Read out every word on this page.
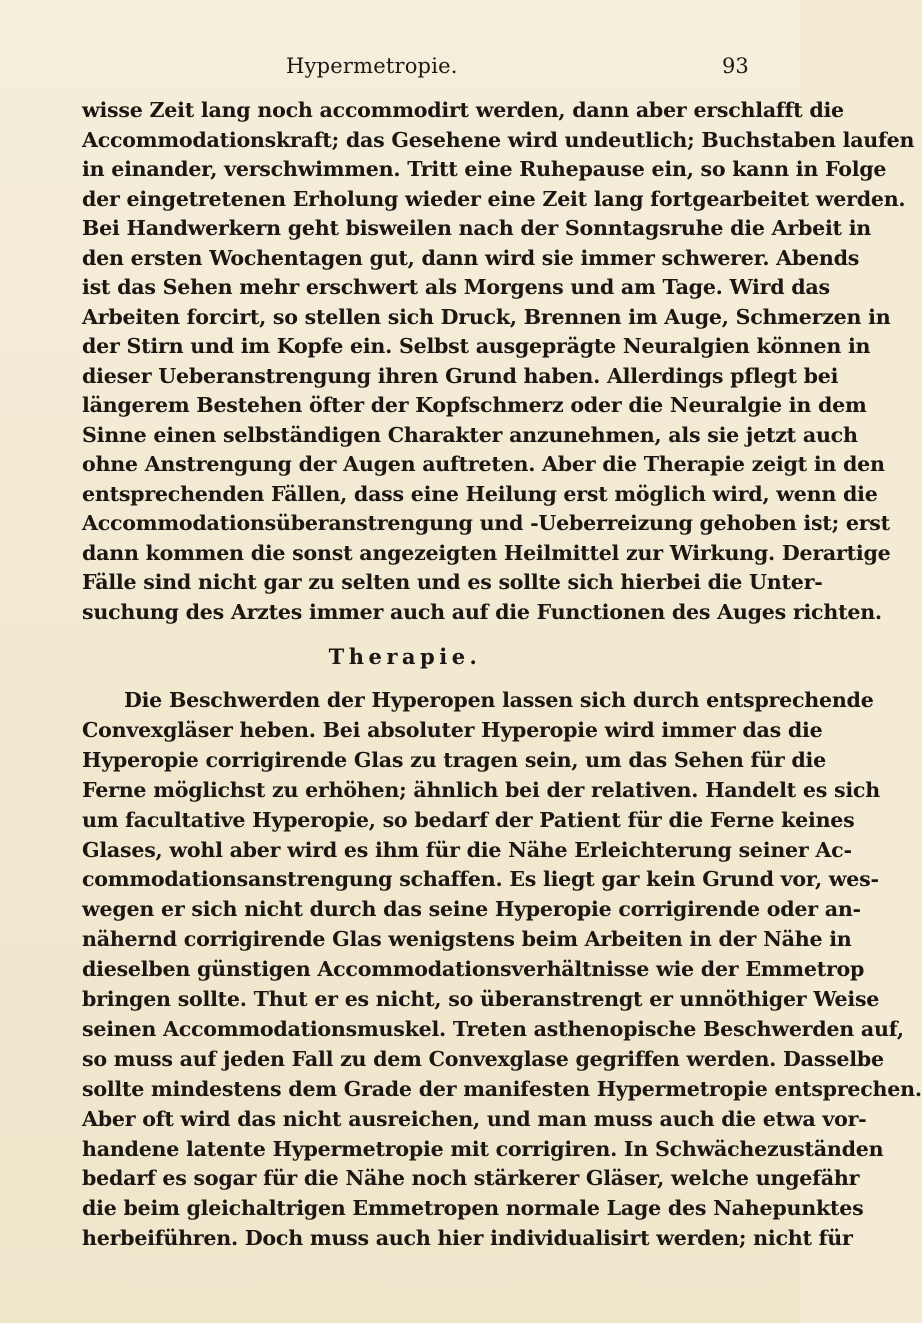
Hypermetropie.	93
wisse Zeit lang noch accommodirt werden, dann aber erschlafft die
Accommodationskraft; das Gesehene wird undeutlich; Buchstaben laufen
in einander, verschwimmen. Tritt eine Ruhepause ein, so kann in Folge
der eingetretenen Erholung wieder eine Zeit lang fortgearbeitet werden.
Bei Handwerkern geht bisweilen nach der Sonntagsruhe die Arbeit in
den ersten Wochentagen gut, dann wird sie immer schwerer. Abends
ist das Sehen mehr erschwert als Morgens und am Tage. Wird das
Arbeiten forcirt, so stellen sich Druck, Brennen im Auge, Schmerzen in
der Stirn und im Kopfe ein. Selbst ausgeprägte Neuralgien können in
dieser Ueberanstrengung ihren Grund haben. Allerdings pflegt bei
längerem Bestehen öfter der Kopfschmerz oder die Neuralgie in dem
Sinne einen selbständigen Charakter anzunehmen, als sie jetzt auch
ohne Anstrengung der Augen auftreten. Aber die Therapie zeigt in den
entsprechenden Fällen, dass eine Heilung erst möglich wird, wenn die
Accommodationsüberanstrengung und -Ueberreizung gehoben ist; erst
dann kommen die sonst angezeigten Heilmittel zur Wirkung. Derartige
Fälle sind nicht gar zu selten und es sollte sich hierbei die Unter-
suchung des Arztes immer auch auf die Functionen des Auges richten.
Therapie.
Die Beschwerden der Hyperopen lassen sich durch entsprechende
Convexgläser heben. Bei absoluter Hyperopie wird immer das die
Hyperopie corrigirende Glas zu tragen sein, um das Sehen für die
Ferne möglichst zu erhöhen; ähnlich bei der relativen. Handelt es sich
um facultative Hyperopie, so bedarf der Patient für die Ferne keines
Glases, wohl aber wird es ihm für die Nähe Erleichterung seiner Ac-
commodationsanstrengung schaffen. Es liegt gar kein Grund vor, wes-
wegen er sich nicht durch das seine Hyperopie corrigirende oder an-
nähernd corrigirende Glas wenigstens beim Arbeiten in der Nähe in
dieselben günstigen Accommodationsverhältnisse wie der Emmetrop
bringen sollte. Thut er es nicht, so überanstrengt er unnöthiger Weise
seinen Accommodationsmuskel. Treten asthenopische Beschwerden auf,
so muss auf jeden Fall zu dem Convexglase gegriffen werden. Dasselbe
sollte mindestens dem Grade der manifesten Hypermetropie entsprechen.
Aber oft wird das nicht ausreichen, und man muss auch die etwa vor-
handene latente Hypermetropie mit corrigiren. In Schwächezuständen
bedarf es sogar für die Nähe noch stärkerer Gläser, welche ungefähr
die beim gleichaltrigen Emmetropen normale Lage des Nahepunktes
herbeiführen. Doch muss auch hier individualisirt werden; nicht für
